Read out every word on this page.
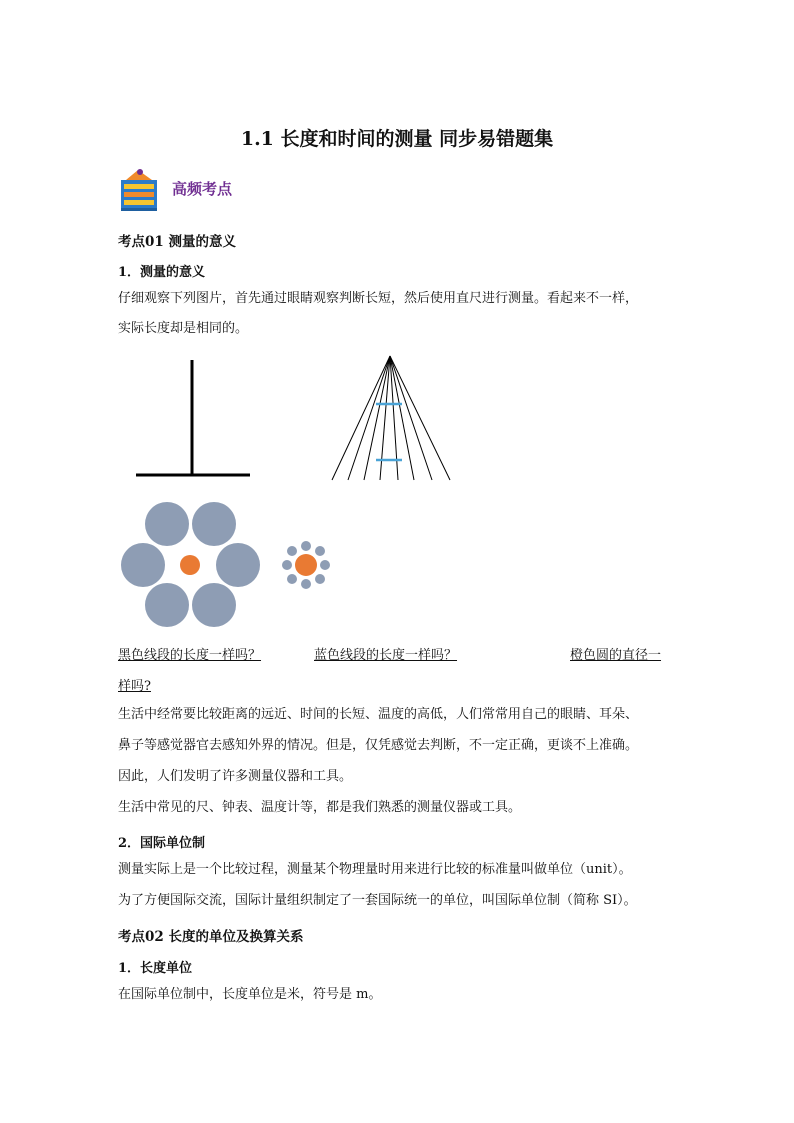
1.1 长度和时间的测量 同步易错题集
高频考点
考点01 测量的意义
1．测量的意义
仔细观察下列图片，首先通过眼睛观察判断长短，然后使用直尺进行测量。看起来不一样，
实际长度却是相同的。
黑色线段的长度一样吗？	蓝色线段的长度一样吗？	橙色圆的直径一
样吗?
生活中经常要比较距离的远近、时间的长短、温度的高低，人们常常用自己的眼睛、耳朵、
鼻子等感觉器官去感知外界的情况。但是，仅凭感觉去判断，不一定正确，更谈不上准确。
因此，人们发明了许多测量仪器和工具。
生活中常见的尺、钟表、温度计等，都是我们熟悉的测量仪器或工具。
2．国际单位制
测量实际上是一个比较过程，测量某个物理量时用来进行比较的标准量叫做单位（unit）。
为了方便国际交流，国际计量组织制定了一套国际统一的单位，叫国际单位制（简称 SI）。
考点02 长度的单位及换算关系
1．长度单位
在国际单位制中，长度单位是米，符号是 m。
